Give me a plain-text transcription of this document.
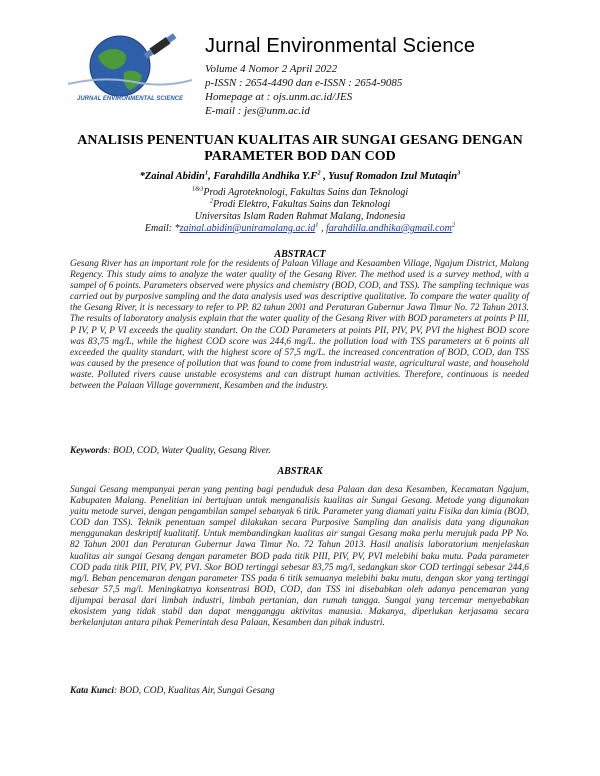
JURNAL ENVIRONMENTAL SCIENCE
Jurnal Environmental Science
Volume 4 Nomor 2 April 2022
p-ISSN : 2654-4490 dan e-ISSN : 2654-9085
Homepage at : ojs.unm.ac.id/JES
E-mail : jes@unm.ac.id
ANALISIS PENENTUAN KUALITAS AIR SUNGAI GESANG DENGAN
PARAMETER BOD DAN COD
*Zainal Abidin$^1$, Farahdilla Andhika $Y.F^2$ , Yusuf Romadon Izul Mutaqin$^3$
$^{1\&3}$Prodi Agroteknologi, Fakultas Sains dan Teknologi
$^2$Prodi Elektro, Fakultas Sains dan Teknologi
Universitas Islam Raden Rahmat Malang, Indonesia
Email: $*zainal.abidin@uniramalang.ac.id^1$ , farahdilla.andhika@gmail.com$^2$
ABSTRACT
Gesang River has an important role for the residents of Palaan Village and Kesaamben Village, Ngajum District, Malang Regency. This study aims to analyze the water quality of the Gesang River. The method used is a survey method, with a sampel of 6 points. Parameters observed were physics and chemistry (BOD, COD, and TSS). The sampling technique was carried out by purposive sampling and the data analysis used was descriptive qualitative. To compare the water quality of the Gesang River, it is necessary to refer to PP. 82 tahun 2001 and Peraturan Gubernur Jawa Timur No. 72 Tahun 2013. The results of laboratory analysis explain that the water quality of the Gesang River with BOD parameters at points P III, P IV, P V, P VI exceeds the quality standart. On the COD Parameters at points PII, PIV, PV, PVI the highest BOD score was 83,75 mg/L, while the highest COD score was 244,6 mg/L. the pollution load with TSS parameters at 6 points all exceeded the quality standart, with the highest score of 57,5 mg/L. the increased concentration of BOD, COD, dan TSS was caused by the presence of pollution that was found to come from industrial waste, agricultural waste, and household waste. Polluted rivers cause unstable ecosystems and can distrupt human activities. Therefore, continuous is needed between the Palaan Village government, Kesamben and the industry.
Keywords: BOD, COD, Water Quality, Gesang River.
ABSTRAK
Sungai Gesang mempunyai peran yang penting bagi penduduk desa Palaan dan desa Kesamben, Kecamatan Ngajum, Kabupaten Malang. Penelitian ini bertujuan untuk menganalisis kualitas air Sungai Gesang. Metode yang digunakan yaitu metode survei, dengan pengambilan sampel sebanyak 6 titik. Parameter yang diamati yaitu Fisika dan kimia (BOD, COD dan TSS). Teknik penentuan sampel dilakukan secara Purposive Sampling dan analisis data yang digunakan menggunakan deskriptif kualitatif. Untuk membandingkan kualitas air sungai Gesang maka perlu merujuk pada PP No. 82 Tahun 2001 dan Peraturan Gubernur Jawa Timur No. 72 Tahun 2013. Hasil analisis laboratorium menjelaskan kualitas air sungai Gesang dengan parameter BOD pada titik PIII, PIV, PV, PVI melebihi baku mutu. Pada parameter COD pada titik PIII, PIV, PV, PVI. Skor BOD tertinggi sebesar 83,75 mg/l, sedangkan skor COD tertinggi sebesar 244,6 mg/l. Beban pencemaran dengan parameter TSS pada 6 titik semuanya melebihi baku mutu, dengan skor yang tertinggi sebesar 57,5 mg/l. Meningkatnya konsentrasi BOD, COD, dan TSS ini disebabkan oleh adanya pencemaran yang dijumpai berasal dari limbah industri, limbah pertanian, dan rumah tangga. Sungai yang tercemar menyebabkan ekosistem yang tidak stabil dan dapat mengganggu aktivitas manusia. Makanya, diperlukan kerjasama secara berkelanjutan antara pihak Pemerintah desa Palaan, Kesamben dan pihak industri.
Kata Kunci: BOD, COD, Kualitas Air, Sungai Gesang
